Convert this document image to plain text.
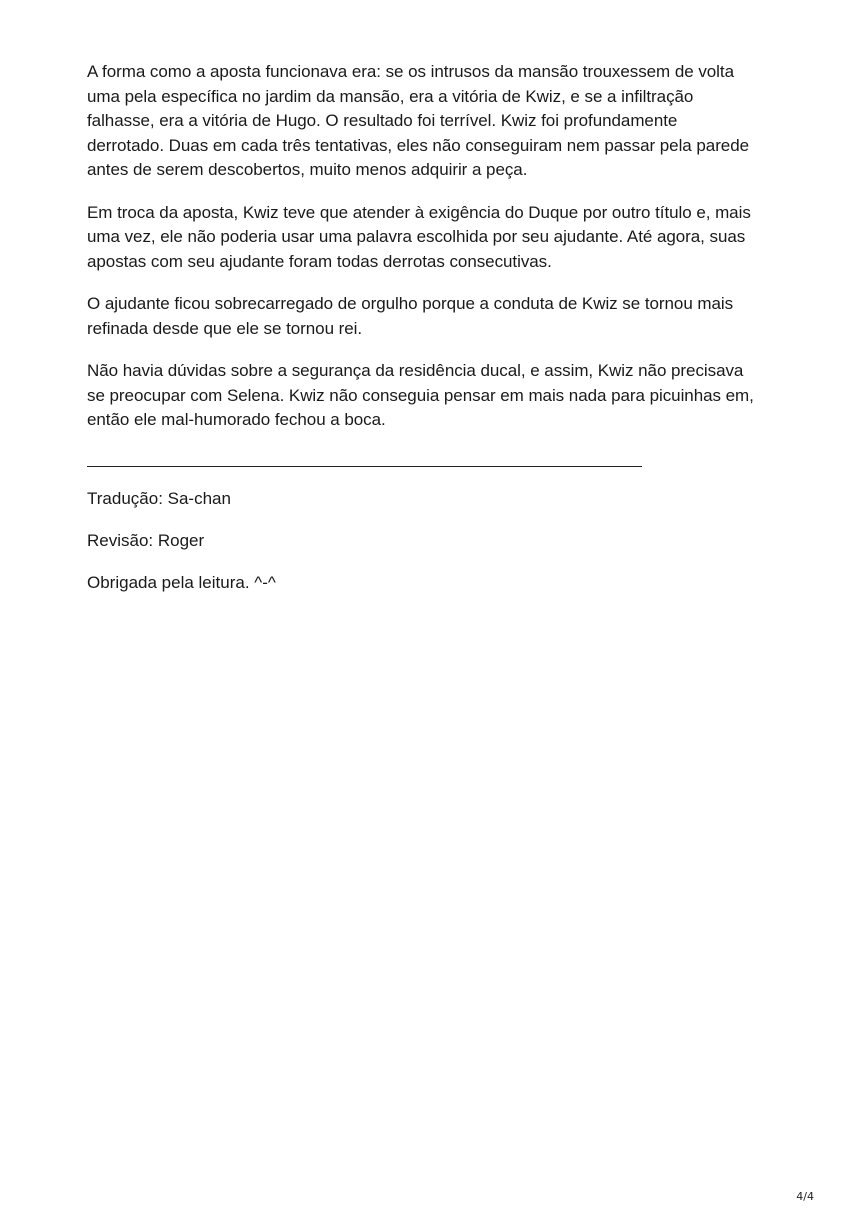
A forma como a aposta funcionava era: se os intrusos da mansão trouxessem de volta
uma pela específica no jardim da mansão, era a vitória de Kwiz, e se a infiltração
falhasse, era a vitória de Hugo. O resultado foi terrível. Kwiz foi profundamente
derrotado. Duas em cada três tentativas, eles não conseguiram nem passar pela parede
antes de serem descobertos, muito menos adquirir a peça.

Em troca da aposta, Kwiz teve que atender à exigência do Duque por outro título e, mais
uma vez, ele não poderia usar uma palavra escolhida por seu ajudante. Até agora, suas
apostas com seu ajudante foram todas derrotas consecutivas.

O ajudante ficou sobrecarregado de orgulho porque a conduta de Kwiz se tornou mais
refinada desde que ele se tornou rei.

Não havia dúvidas sobre a segurança da residência ducal, e assim, Kwiz não precisava
se preocupar com Selena. Kwiz não conseguia pensar em mais nada para picuinhas em,
então ele mal-humorado fechou a boca.

Tradução: Sa-chan

Revisão: Roger

Obrigada pela leitura. ^-^

4/4
